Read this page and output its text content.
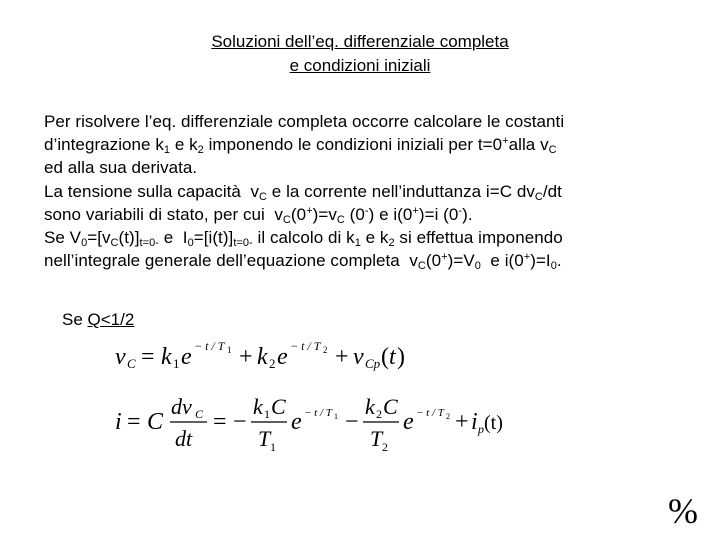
Soluzioni dell’eq. differenziale completa
e condizioni iniziali

Per risolvere l’eq. differenziale completa occorre calcolare le costanti

d’integrazione $k_1$ e $k_2$ imponendo le condizioni iniziali per t=0+alla $v_C$

ed alla sua derivata.

La tensione sulla capacità  $v_C$ e la corrente nell’induttanza i=C $dv_C/dt$

sono variabili di stato, per cui  $v_C(0^+)=v_C$ (0-) e i(0+)=i (0-).

Se $V_0=[v_C(t)]_{t=0-}$ e  $I_0=[i(t)]_{t=0-}$ il calcolo di $k_1$ e $k_2$ si effettua imponendo

nell’integrale generale dell’equazione completa  $v_C(0^+)=V_0$  e $i(0^+)=I_0$.

Se Q<1/2
v C = k 1 e − t / T 1 + k 2 e − t / T 2 + v Cp ( t )
i = C
dv C
dt
= −
k 1 C
T 1
e − t / T 1 −
k 2 C
T 2
e − t / T 2 + i p (t)
%
